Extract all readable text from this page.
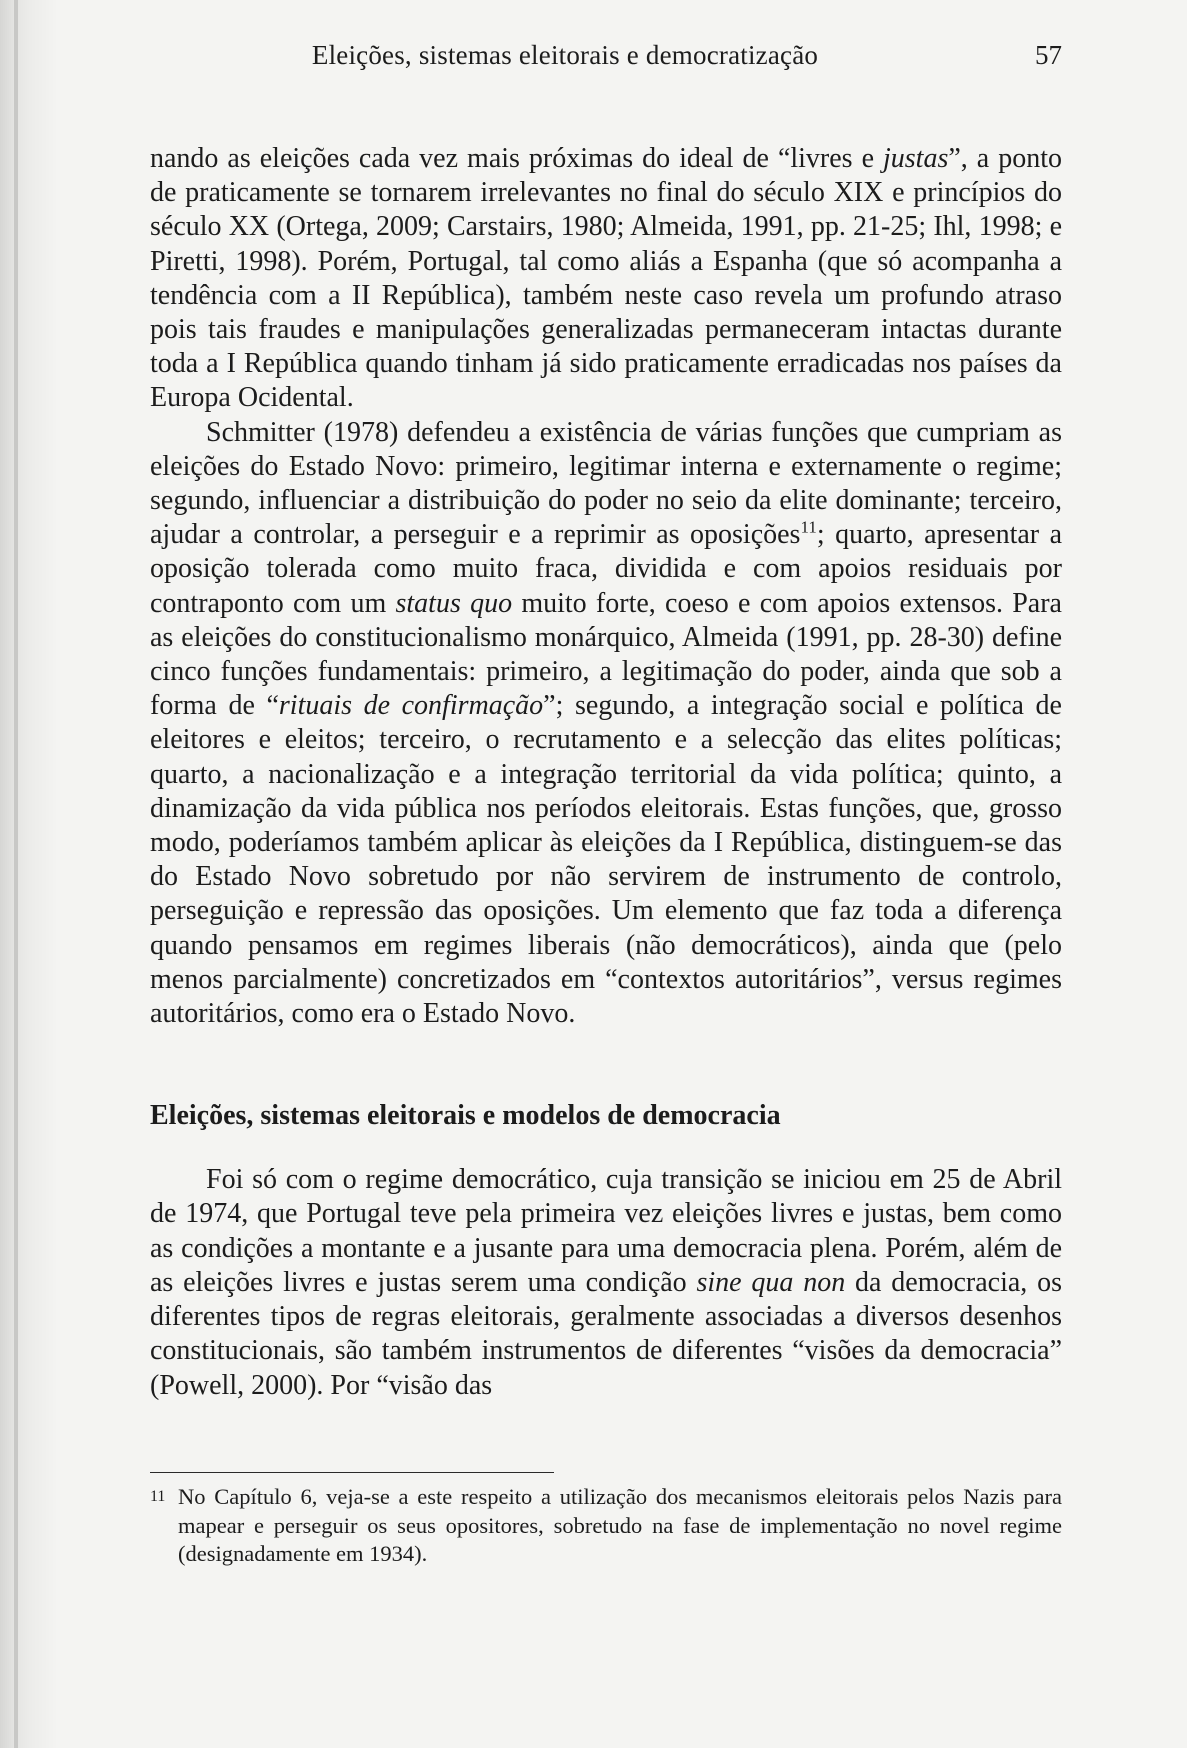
Eleições, sistemas eleitorais e democratização	57

nando as eleições cada vez mais próximas do ideal de “livres e justas”, a ponto de praticamente se tornarem irrelevantes no final do século XIX e princípios do século XX (Ortega, 2009; Carstairs, 1980; Almeida, 1991, pp. 21-25; Ihl, 1998; e Piretti, 1998). Porém, Portugal, tal como aliás a Espanha (que só acompanha a tendência com a II República), também neste caso revela um profundo atraso pois tais fraudes e manipulações generalizadas permaneceram intactas durante toda a I República quando tinham já sido praticamente erradicadas nos países da Europa Ocidental.

Schmitter (1978) defendeu a existência de várias funções que cumpriam as eleições do Estado Novo: primeiro, legitimar interna e externamente o regime; segundo, influenciar a distribuição do poder no seio da elite dominante; terceiro, ajudar a controlar, a perseguir e a reprimir as oposições$^{11}$; quarto, apresentar a oposição tolerada como muito fraca, dividida e com apoios residuais por contraponto com um status quo muito forte, coeso e com apoios extensos. Para as eleições do constitucionalismo monárquico, Almeida (1991, pp. 28-30) define cinco funções fundamentais: primeiro, a legitimação do poder, ainda que sob a forma de “rituais de confirmação”; segundo, a integração social e política de eleitores e eleitos; terceiro, o recrutamento e a selecção das elites políticas; quarto, a nacionalização e a integração territorial da vida política; quinto, a dinamização da vida pública nos períodos eleitorais. Estas funções, que, grosso modo, poderíamos também aplicar às eleições da I República, distinguem-se das do Estado Novo sobretudo por não servirem de instrumento de controlo, perseguição e repressão das oposições. Um elemento que faz toda a diferença quando pensamos em regimes liberais (não democráticos), ainda que (pelo menos parcialmente) concretizados em “contextos autoritários”, versus regimes autoritários, como era o Estado Novo.

Eleições, sistemas eleitorais e modelos de democracia

Foi só com o regime democrático, cuja transição se iniciou em 25 de Abril de 1974, que Portugal teve pela primeira vez eleições livres e justas, bem como as condições a montante e a jusante para uma democracia plena. Porém, além de as eleições livres e justas serem uma condição sine qua non da democracia, os diferentes tipos de regras eleitorais, geralmente associadas a diversos desenhos constitucionais, são também instrumentos de diferentes “visões da democracia” (Powell, 2000). Por “visão das

11 No Capítulo 6, veja-se a este respeito a utilização dos mecanismos eleitorais pelos Nazis para mapear e perseguir os seus opositores, sobretudo na fase de implementação no novel regime (designadamente em 1934).
